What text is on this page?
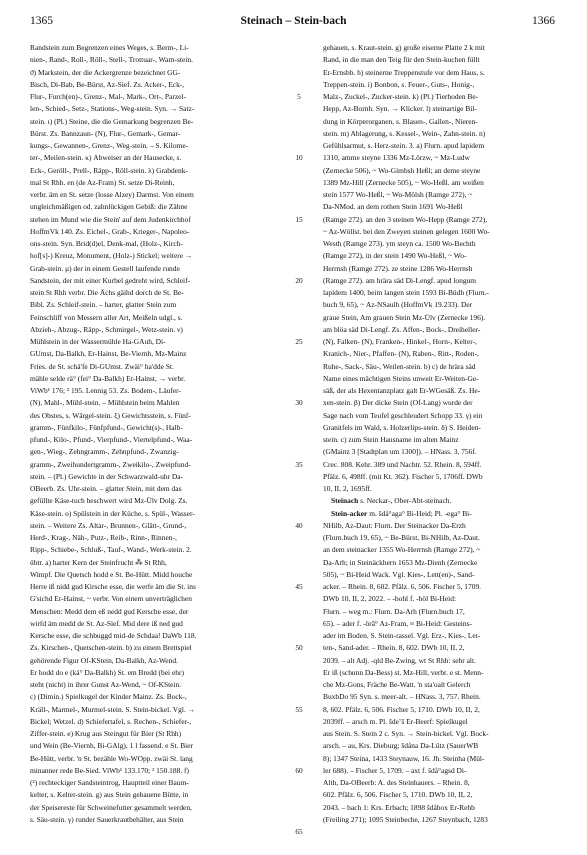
1365	Steinach – Stein-bach	1366
Randstein zum Begrenzen eines Weges, s. Berm-, Li-
nien-, Rand-, Roll-, Röll-, Stell-, Trottuar-, Warn-stein.
ϑ) Markstein, der die Ackergrenze bezeichnet GG-
Bisch, Di-Bab, Be-Bürst, Az-Sief. Zs. Acker-, Eck-,
Flur-, Furch(en)-, Grenz-, Mal-, Mark-, Ort-, Parzel-
len-, Schied-, Setz-, Stations-, Weg-stein. Syn. → Satz-
stein. ι) (Pl.) Steine, die die Gemarkung begrenzen Be-
Bürst. Zs. Bannzaun- (N), Flur-, Gemark-, Gemar-
kungs-, Gewannen-, Grenz-, Weg-stein. – S. Kilome-
ter-, Meilen-stein. κ) Abweiser an der Hausecke, s.
Eck-, Geröll-, Prell-, Räpp-, Röll-stein. λ) Grabdenk-
mal St Rhh. en (de Az-Fram) St. setze Di-Reinh,
verbr. äm en St. setze (losse Alzey) Darmst. Von einem
ungleichmäßigen od. zahnlückigen Gebiß: die Zähne
stehen im Mund wie die Stein' auf dem Judenkirchhof
HoffmVk 140. Zs. Eichel-, Grab-, Krieger-, Napoleo-
ons-stein. Syn. Brid(d)el, Denk-mal, (Holz-, Kirch-
hof[s]-) Kreuz, Monument, (Holz-) Stickel; weitere →
Grab-stein. μ) der in einem Gestell laufende runde
Sandstein, der mit einer Kurbel gedreht wird, Schleif-
stein St Rhh verbr. Die Ächs gäihd dorch de St. Be-
Bibl. Zs. Schleif-stein. – harter, glatter Stein zum
Feinschliff von Messern aller Art, Meißeln udgl., s.
Abzieh-, Abzug-, Räpp-, Schmirgel-, Wetz-stein. ν)
Mühlstein in der Wassermühle Ha-GAuh, Di-
GUmst, Da-Balkh, Er-Hainst, Be-Viernh, Mz-Mainz
Fries. de St. schä'fe Di-GUmst. Zwäi° ha'dde St.
mähle selde rä° (fei° Da-Balkh) Er-Hainst, → verbr.
ViWb¹ 176; ² 195. Lennig 53. Zs. Bodem-, Läufer-
(N), Mahl-, Mühl-stein. – Mühlstein beim Mahlen
des Obstes, s. Wärgel-stein. ξ) Gewichtsstein, s. Fünf-
gramm-, Fünfkilo-, Fünfpfund-, Gewicht(s)-, Halb-
pfund-, Kilo-, Pfund-, Vierpfund-, Viertelpfund-, Waa-
gen-, Wieg-, Zehngramm-, Zehnpfund-, Zwanzig-
gramm-, Zweihundertgramm-, Zweikilo-, Zweipfund-
stein. – (Pl.) Gewichte in der Schwarzwald-uhr Da-
OBeerb. Zs. Uhr-stein. – glatter Stein, mit dem das
gefüllte Käse-tuch beschwert wird Mz-Ülv Dolg. Zs.
Käse-stein. ο) Spülstein in der Küche, s. Spül-, Wasser-
stein. – Weitere Zs. Altar-, Brunnen-, Glätt-, Grund-,
Herd-, Krag-, Näh-, Putz-, Reib-, Rinn-, Rinnen-,
Ripp-, Schiebe-, Schluß-, Tauf-, Wand-, Werk-stein. 2.
übtr. a) harter Kern der Steinfrucht ⁂ St Rhh,
Wimpf. Die Quetsch hodd e St. Be-Hütt. Midd houche
Herre iß nidd gud Kirsche esse, die werfe äm die St. ins
G'sichd Er-Hainst, ~ verbr. Von einem unverträglichen
Menschen: Medd dem eß nedd gud Kersche esse, der
wirfd äm medd de St. Az-Sief. Mid dere iß ned gud
Kersche esse, die schbuggd mid-de Schdaa! DaWb 118.
Zs. Kirschen-, Quetschen-stein. b) zu einem Brettspiel
gehörende Figur Of-KStein, Da-Balkh, Az-Wend.
Er hodd do e (kä° Da-Balkh) St. em Bredd (bei ehr)
steht (nicht) in ihrer Gunst Az-Wend, ~ Of-KStein.
c) (Dimin.) Spielkugel der Kinder Mainz. Zs. Bock-,
Kräll-, Marmel-, Murmel-stein. S. Stein-bickel. Vgl. →
Bickel; Wetzel. d) Schiefertafel, s. Rechen-, Schiefer-,
Ziffer-stein. e) Krug aus Steingut für Bier (St Rhh)
und Wein (Be-Viernh, Bi-GAlg), 1 l fassend. e St. Bier
Be-Hütt, verbr. 'n St. bezähle Wo-WOpp. zwäi St. lang
minanner rede Be-Sied. ViWb¹ 133.170; ² 150.188. f)
(²) rechteckiger Sandsteintrog, Hauptteil einer Baum-
kelter, s. Kelter-stein. g) aus Stein gebauene Bütte, in
der Speisereste für Schweinefutter gesammelt werden,
s. Säu-stein. γ) runder Sauerkrautbehälter, aus Stein
5
10
15
20
25
30
35
40
45
50
55
60
65
gehauen, s. Kraut-stein. g) große eiserne Platte 2 k mit
Rand, in die man den Teig für den Stein-kuchen füllt
Er-Ernsbb. h) steinerne Treppenstufe vor dem Haus, s.
Treppen-stein. i) Bonbon, s. Feuer-, Guts-, Honig-,
Malz-, Zuckel-, Zucker-stein. k) (Pl.) Tierhoden Be-
Hepp, Az-Bornh. Syn. → Klicker. l) steinartige Bil-
dung in Körperorganen, s. Blasen-, Gallen-, Nieren-
stein. m) Ablagerung, s. Kessel-, Wein-, Zahn-stein. n)
Gefühlsarmut, s. Herz-stein. 3. a) Flurn. apud lapidem
1310, amme steyne 1336 Mz-Lörzw, ~ Mz-Ludw
(Zernecke 506), ~ Wo-Gimbsh Heßl; an deme steyne
1389 Mz-Hill (Zernecke 505), ~ Wo-Heßl. am weißen
stein 1577 Wo-Heßl, ~ Wo-Mölsh (Ramge 272), ~
Da-NMod. an dem rothen Stein 1691 Wo-Heßl
(Ramge 272). an den 3 steinen Wo-Hepp (Ramge 272),
~ Az-Wöllst. bei den Zweyen steinen gelegen 1600 Wo-
Westh (Ramge 273). ym steyn ca. 1500 Wo-Bechth
(Ramge 272), in der stein 1490 Wo-Heßl, ~ Wo-
Herrnsh (Ramge 272). ze steine 1286 Wo-Herrnsh
(Ramge 272). am hrära säd Di-Lengf. apud longum
lapidem 1400, beim langen stein 1593 Bi-Büdh (Flurn.-
buch 9, 65), ~ Az-NSaulh (HoffmVk 19.233). Der
graue Stein, Am grauen Stein Mz-Ülv (Zernecke 196).
am blöa säd Di-Lengf. Zs. Affen-, Bock-, Dreiheller-
(N), Falken- (N), Franken-, Hinkel-, Horn-, Kelter-,
Kranich-, Nier-, Pfaffen- (N), Raben-, Ritt-, Roden-,
Ruhe-, Sack-, Säu-, Weilen-stein. b) c) de hrära säd
Name eines mächtigen Steins unweit Er-Weiten-Ge-
säß, der als Hexentanzplatz galt Er-WGesäß. Zs. He-
xen-stein. β) Der dicke Stein (Of-Lang) wurde der
Sage nach vom Teufel geschleudert Schopp 33. γ) ein
Granitfels im Wald, s. Holzerlips-stein. δ) S. Heiden-
stein. c) zum Stein Hausname im alten Mainz
(GMainz 3 [Stadtplan um 1300]). – HNass. 3, 756f.
Crec. 808. Kehr. 389 und Nachtr. 52. Rhein. 8, 594ff.
Pfälz. 6, 498ff. (mit Kt. 362). Fischer 5, 1706ff. DWb
10, II, 2, 1695ff.
Steinach s. Neckar-, Ober-Abt-steinach.
Stein-acker m. šdå°aga° Bi-Heid; Pl. -ega° Bi-
NHilb, Az-Daut: Flurn. Der Steinacker Da-Erzh
(Flurn.buch 19, 65), ~ Be-Bürst, Bi-NHilb, Az-Daut.
an dem steinacker 1355 Wo-Herrnsh (Ramge 272), ~
Da-Arh; in Steinäckhern 1653 Mz-Dienh (Zernecke
505), ~ Bi-Heid Wack. Vgl. Kies-, Lett(en)-, Sand-
acker. – Rhein. 8, 602. Pfälz. 6, 506. Fischer 5, 1709.
DWb 10, II, 2, 2022. – -bohl f. -höl Bi-Heid:
Flurn. – weg m.: Flurn. Da-Arh (Flurn.buch 17,
65). – ader f. -örā° Az-Fram, ≈ Bi-Heid: Gesteins-
ader im Boden. S. Stein-rassel. Vgl. Erz-, Kies-, Let-
ten-, Sand-ader. – Rhein. 8, 602. DWb 10, II, 2,
2039. – alt Adj. -qld Be-Zwing, wt St Rhh: sehr alt.
Er iß (schunn Da-Bess) st. Mz-Hill, verbr. e st. Menn-
che Mz-Gons, Fräche Be-Watt. 'n sta'oalt Gelerch
BuxbDo 95 Syn. s. meer-alt. – HNass. 3, 757. Rhein.
8, 602. Pfälz. 6, 506. Fischer 5, 1710. DWb 10, II, 2,
2039ff. – arsch m. Pl. šdeʽš Er-Beerf: Spielkugel
aus Stein. S. Stein 2 c. Syn. → Stein-bickel. Vgl. Bock-
arsch. – au, Krs. Dieburg; šdåna Da-Lütz (SauerWB
8); 1347 Steina, 1433 Steynauw, 16. Jh. Steinha (Mül-
ler 688). – Fischer 5, 1709. – axt f. šdå°agsd Di-
Alth, Da-OBeerb: A. des Steinhauers. – Rhein. 8,
602. Pfälz. 6, 506. Fischer 5, 1710. DWb 10, II, 2,
2043. – bach 1: Krs. Erbach; 1898 šdåbox Er-Rehb
(Freiling 271); 1095 Steinbeche, 1267 Steynbach, 1283
